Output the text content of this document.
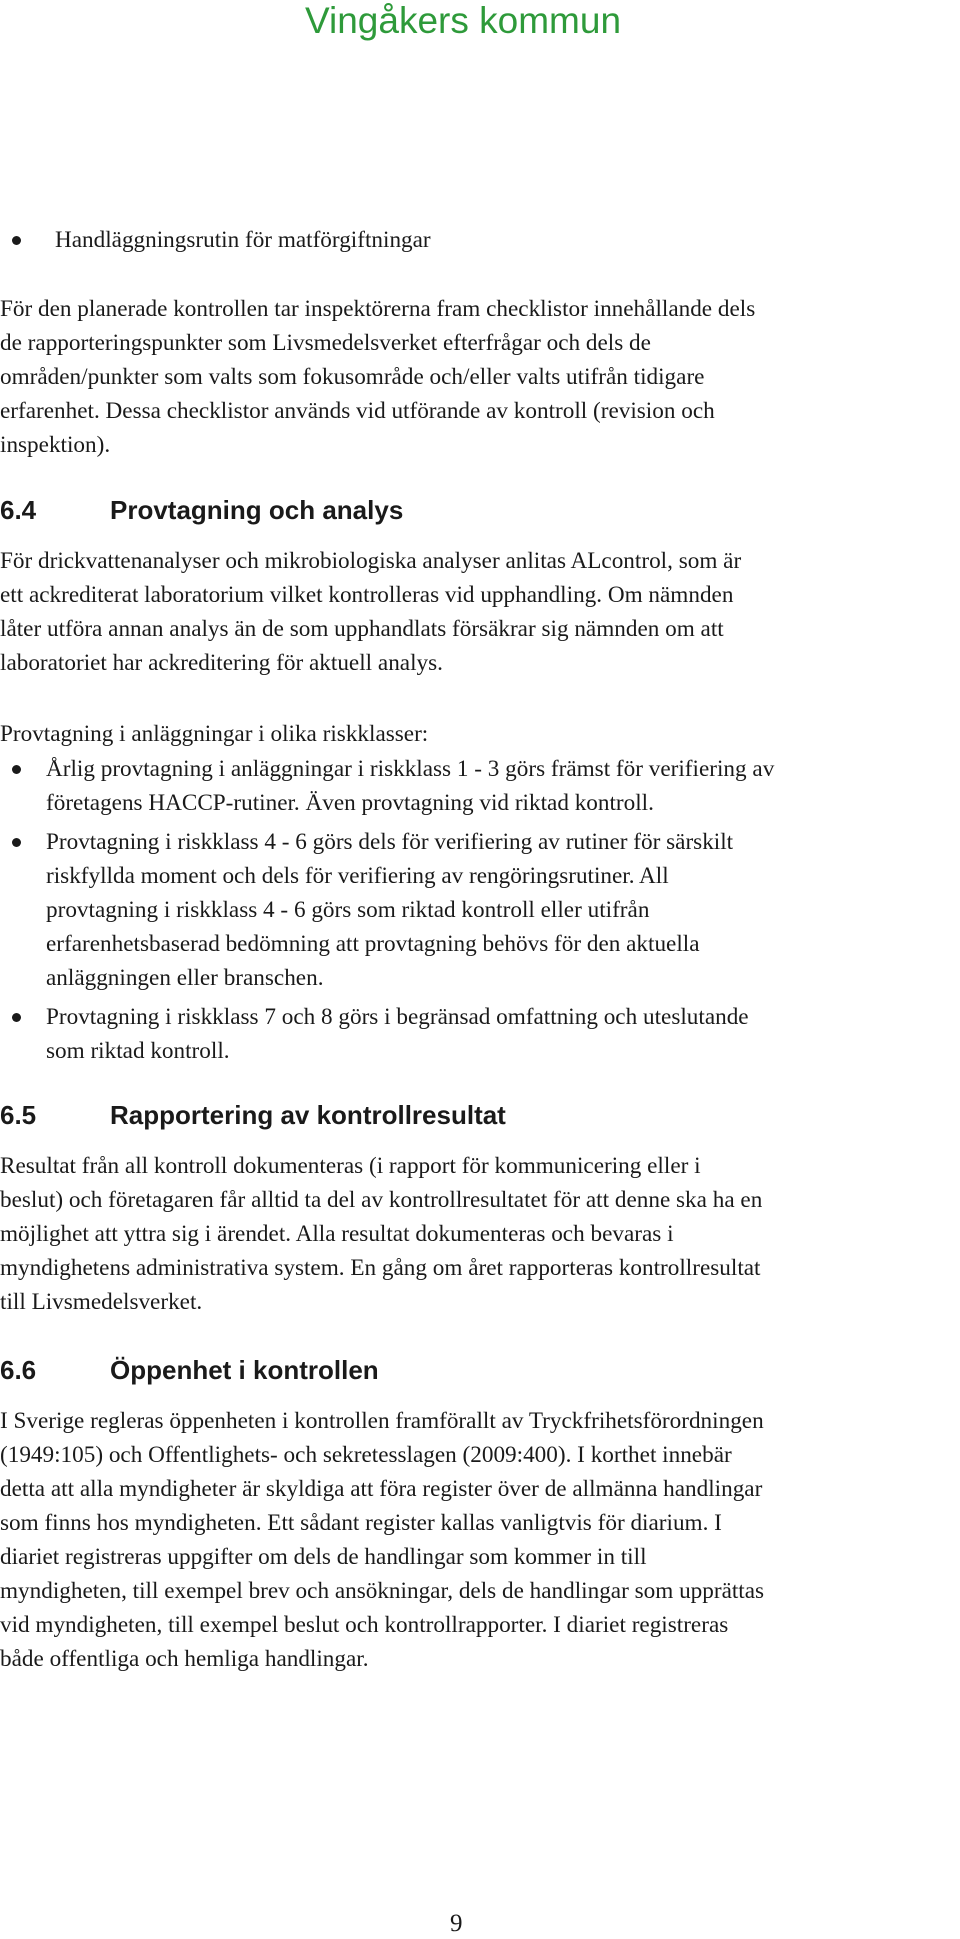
Vingåkers kommun
Handläggningsrutin för matförgiftningar
För den planerade kontrollen tar inspektörerna fram checklistor innehållande dels
de rapporteringspunkter som Livsmedelsverket efterfrågar och dels de
områden/punkter som valts som fokusområde och/eller valts utifrån tidigare
erfarenhet. Dessa checklistor används vid utförande av kontroll (revision och
inspektion).
6.4	Provtagning och analys
För drickvattenanalyser och mikrobiologiska analyser anlitas ALcontrol, som är
ett ackrediterat laboratorium vilket kontrolleras vid upphandling. Om nämnden
låter utföra annan analys än de som upphandlats försäkrar sig nämnden om att
laboratoriet har ackreditering för aktuell analys.
Provtagning i anläggningar i olika riskklasser:
Årlig provtagning i anläggningar i riskklass 1 - 3 görs främst för verifiering av
företagens HACCP-rutiner. Även provtagning vid riktad kontroll.
Provtagning i riskklass 4 - 6 görs dels för verifiering av rutiner för särskilt
riskfyllda moment och dels för verifiering av rengöringsrutiner. All
provtagning i riskklass 4 - 6 görs som riktad kontroll eller utifrån
erfarenhetsbaserad bedömning att provtagning behövs för den aktuella
anläggningen eller branschen.
Provtagning i riskklass 7 och 8 görs i begränsad omfattning och uteslutande
som riktad kontroll.
6.5	Rapportering av kontrollresultat
Resultat från all kontroll dokumenteras (i rapport för kommunicering eller i
beslut) och företagaren får alltid ta del av kontrollresultatet för att denne ska ha en
möjlighet att yttra sig i ärendet. Alla resultat dokumenteras och bevaras i
myndighetens administrativa system. En gång om året rapporteras kontrollresultat
till Livsmedelsverket.
6.6	Öppenhet i kontrollen
I Sverige regleras öppenheten i kontrollen framförallt av Tryckfrihetsförordningen
(1949:105) och Offentlighets- och sekretesslagen (2009:400). I korthet innebär
detta att alla myndigheter är skyldiga att föra register över de allmänna handlingar
som finns hos myndigheten. Ett sådant register kallas vanligtvis för diarium. I
diariet registreras uppgifter om dels de handlingar som kommer in till
myndigheten, till exempel brev och ansökningar, dels de handlingar som upprättas
vid myndigheten, till exempel beslut och kontrollrapporter. I diariet registreras
både offentliga och hemliga handlingar.
9
